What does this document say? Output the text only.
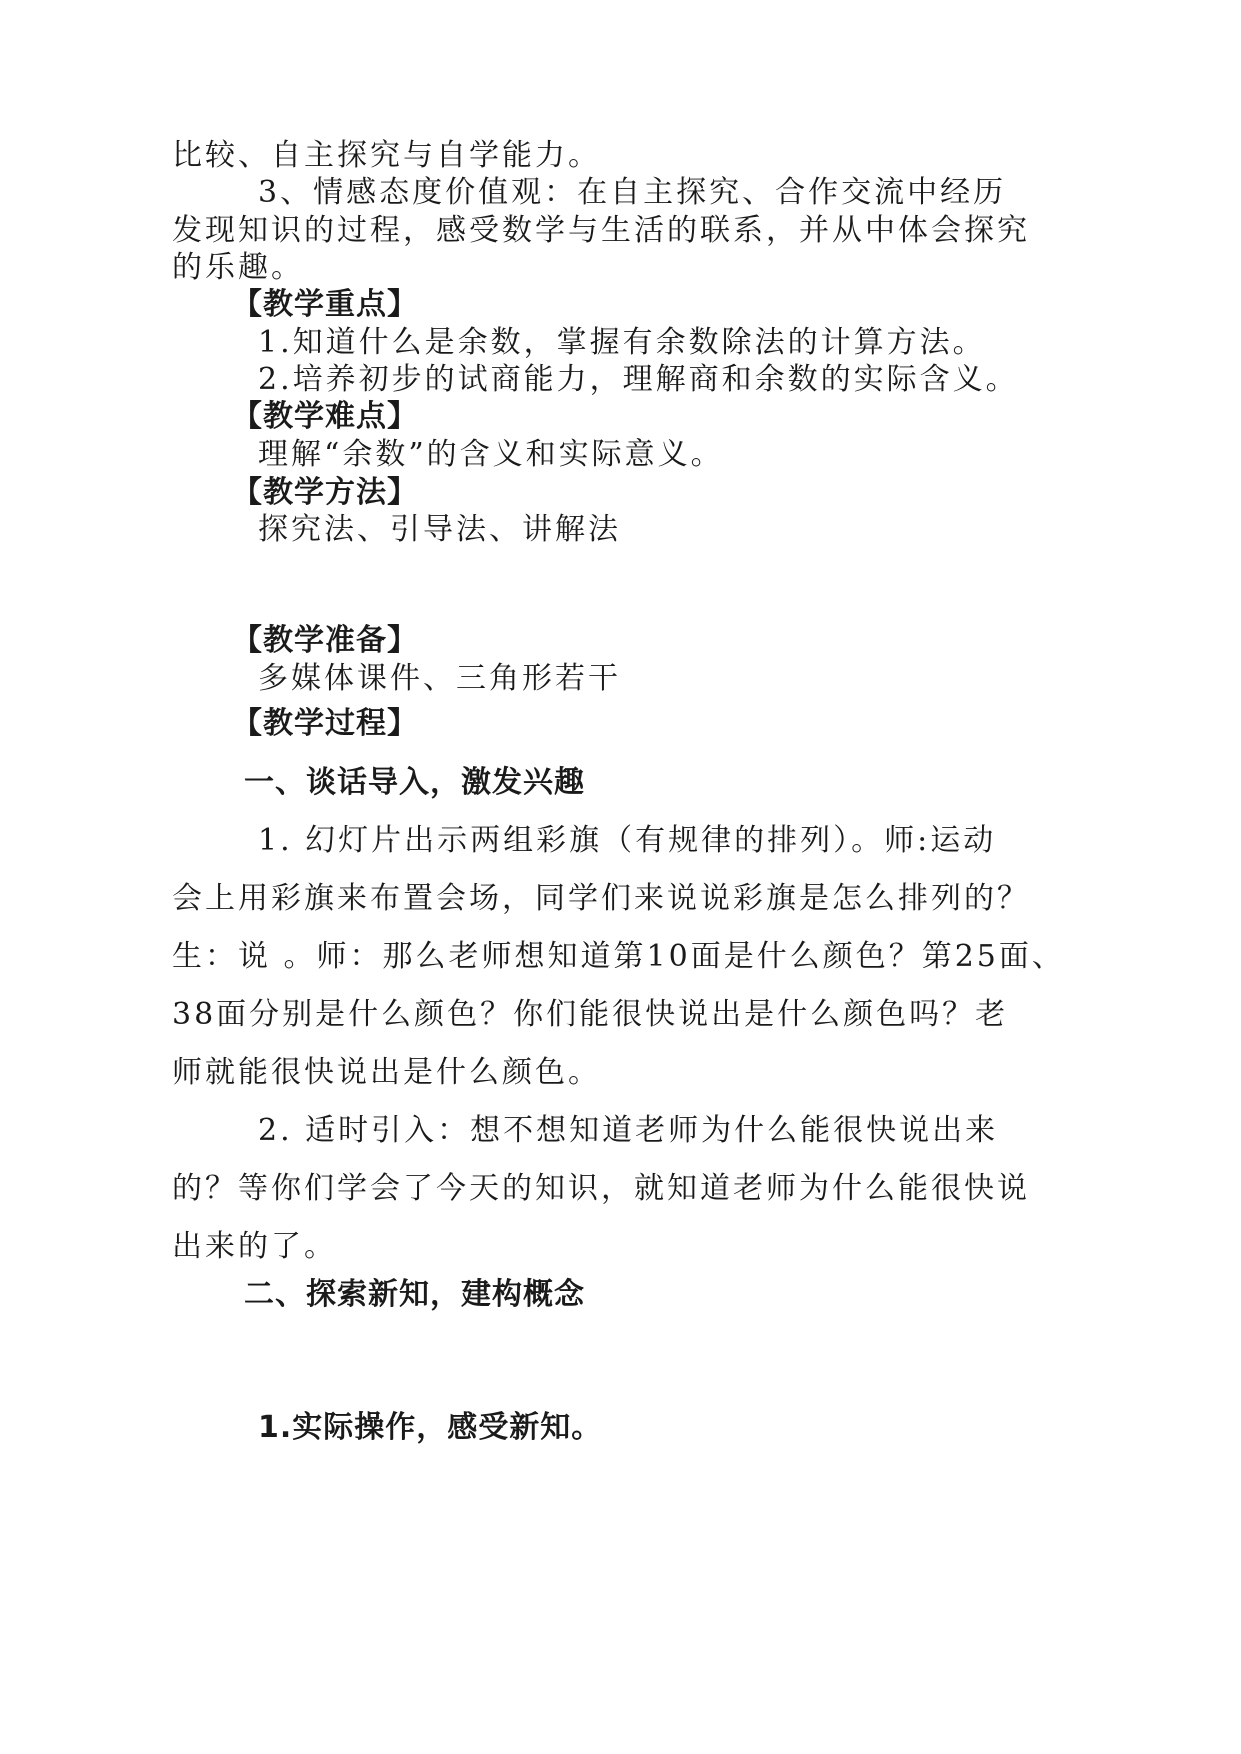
比较、自主探究与自学能力。
3、情感态度价值观：在自主探究、合作交流中经历
发现知识的过程，感受数学与生活的联系，并从中体会探究
的乐趣。
【教学重点】
1.知道什么是余数，掌握有余数除法的计算方法。
2.培养初步的试商能力，理解商和余数的实际含义。
【教学难点】
理解“余数”的含义和实际意义。
【教学方法】
探究法、引导法、讲解法
【教学准备】
多媒体课件、三角形若干
【教学过程】
一、谈话导入，激发兴趣
1. 幻灯片出示两组彩旗（有规律的排列）。师:运动
会上用彩旗来布置会场，同学们来说说彩旗是怎么排列的？
生：说 。师：那么老师想知道第10面是什么颜色？第25面、
38面分别是什么颜色？你们能很快说出是什么颜色吗？老
师就能很快说出是什么颜色。
2. 适时引入：想不想知道老师为什么能很快说出来
的？等你们学会了今天的知识，就知道老师为什么能很快说
出来的了。
二、探索新知，建构概念
1.实际操作，感受新知。
